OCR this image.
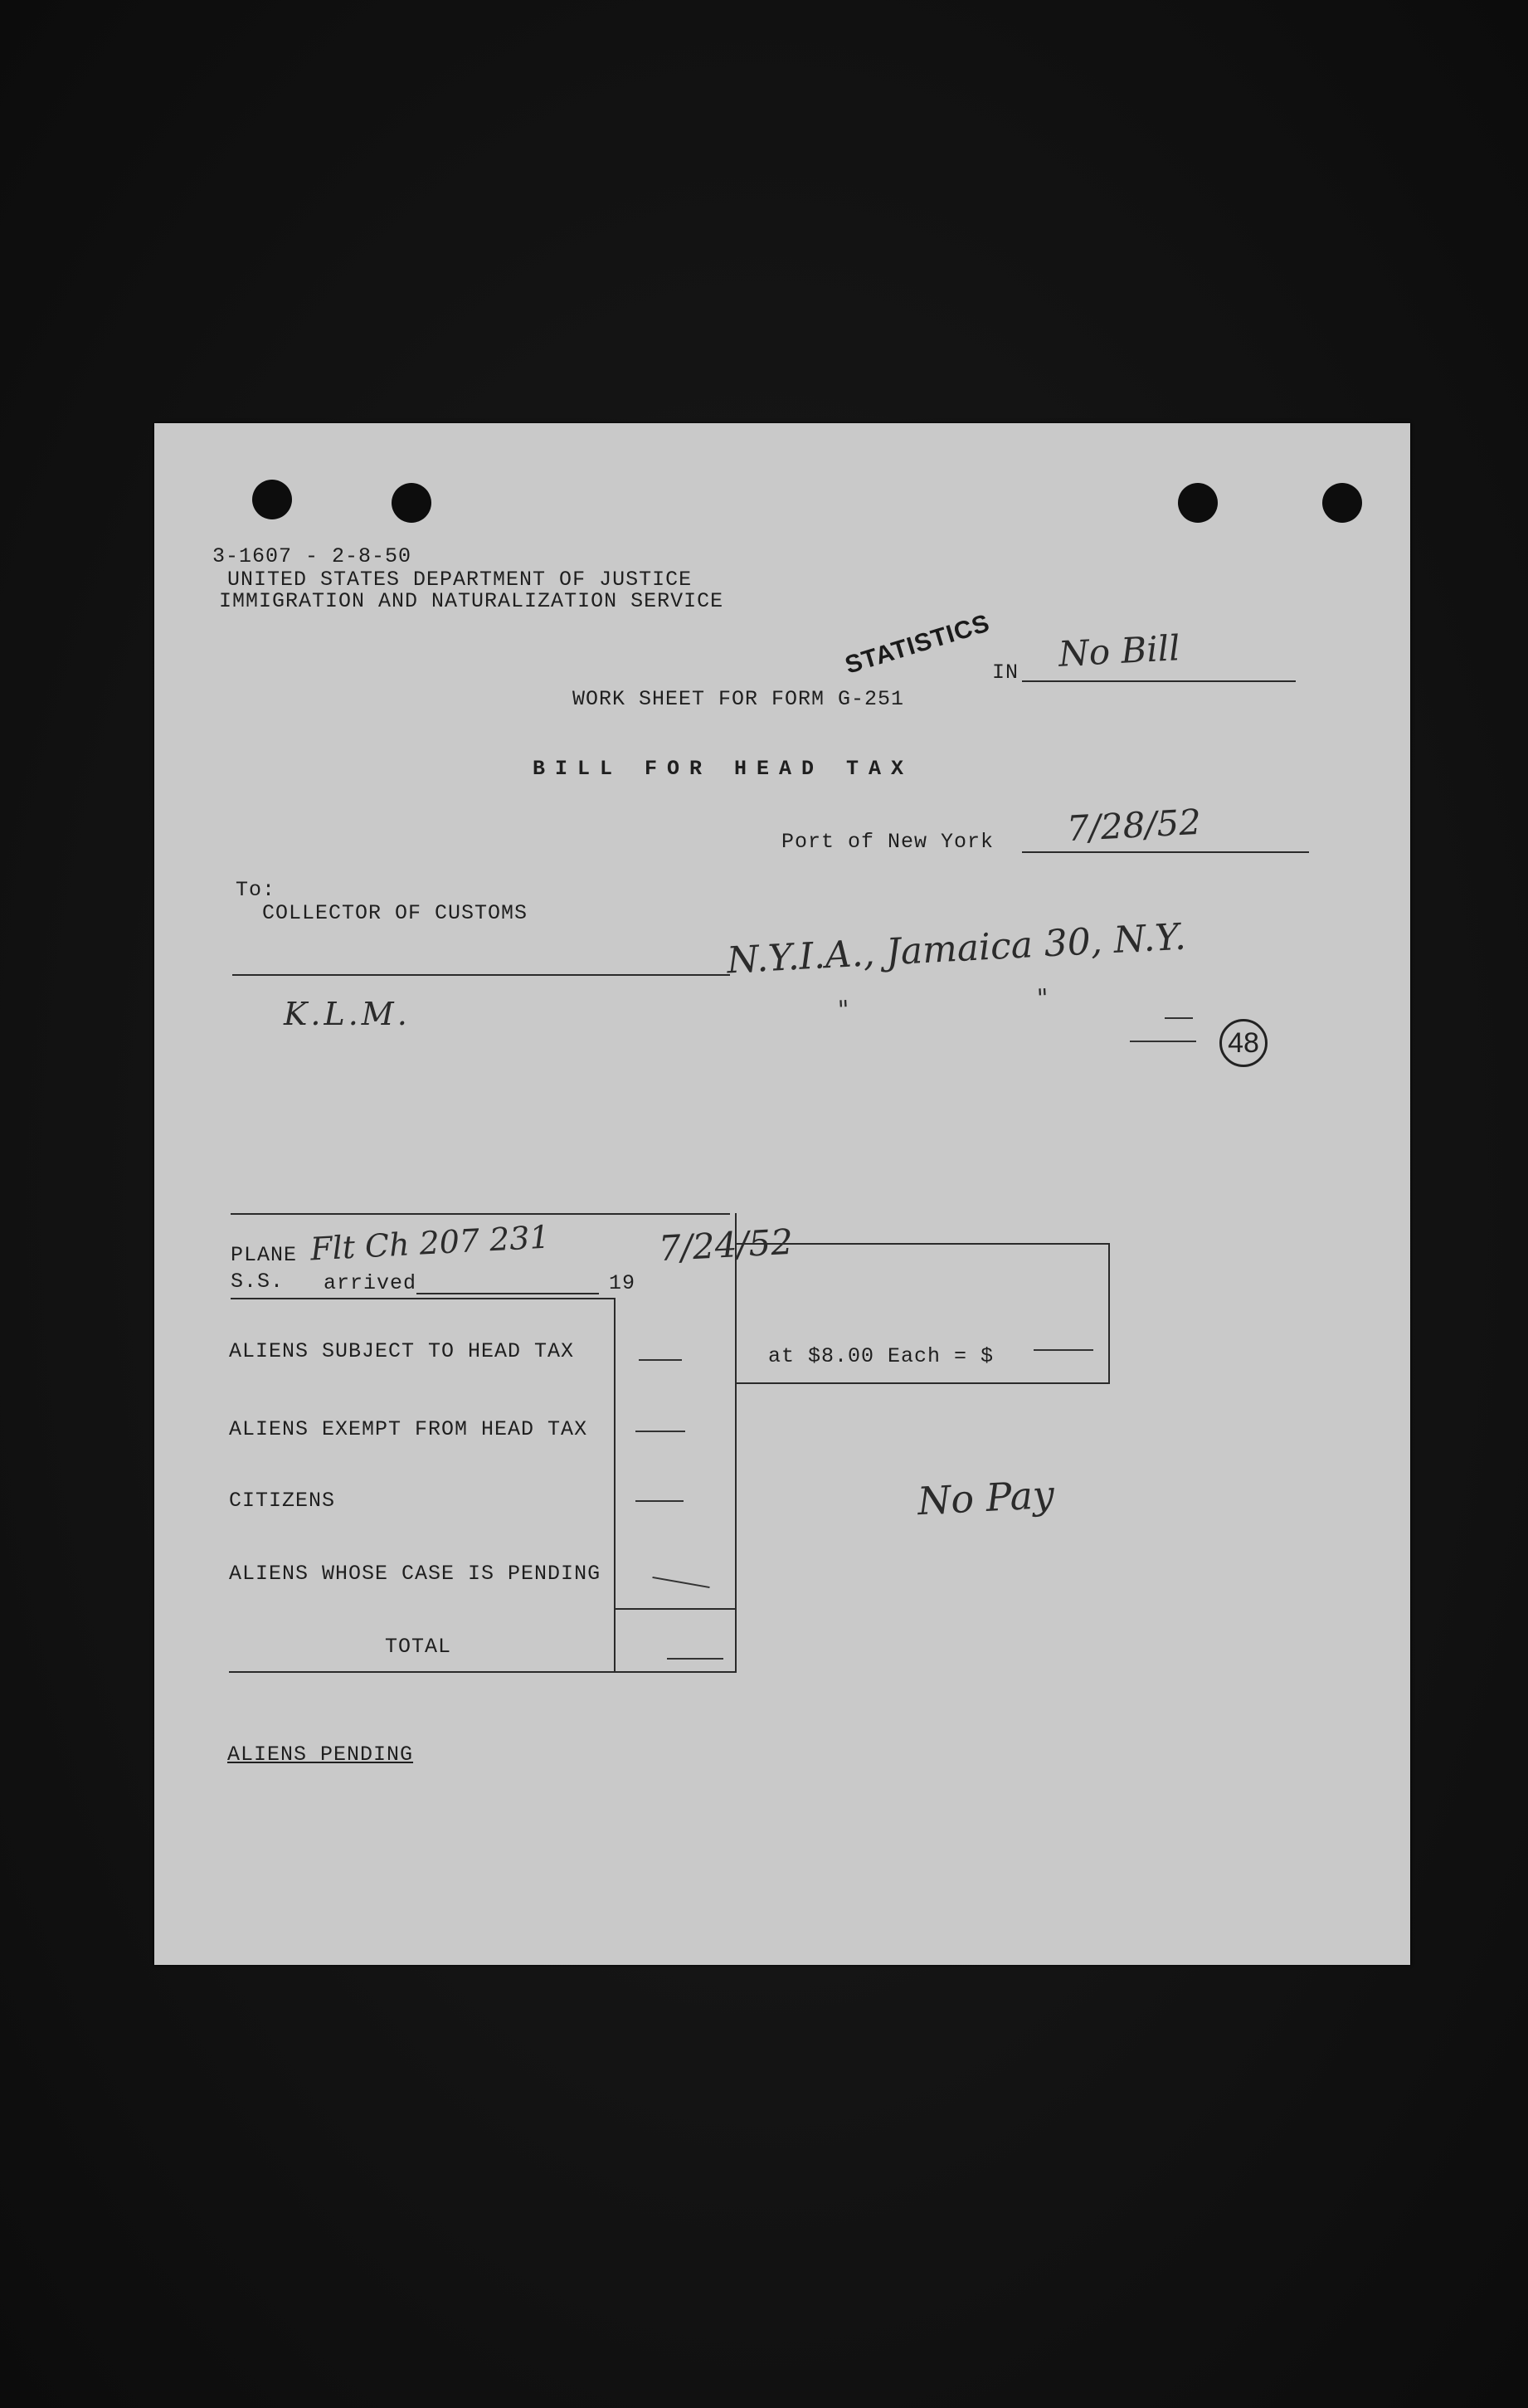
3-1607 - 2-8-50
UNITED STATES DEPARTMENT OF JUSTICE
IMMIGRATION AND NATURALIZATION SERVICE
STATISTICS
IN No Bill
WORK SHEET FOR FORM G-251
BILL FOR HEAD TAX
Port of New York 7/28/52
To:
COLLECTOR OF CUSTOMS
N.Y.I.A., Jamaica 30, N.Y.
"	"
K.L.M.
48
PLANE Flt Ch 207 231
S.S. arrived	19
7/24/52
ALIENS SUBJECT TO HEAD TAX	at $8.00 Each = $
ALIENS EXEMPT FROM HEAD TAX
CITIZENS	No Pay
ALIENS WHOSE CASE IS PENDING
TOTAL
ALIENS PENDING
